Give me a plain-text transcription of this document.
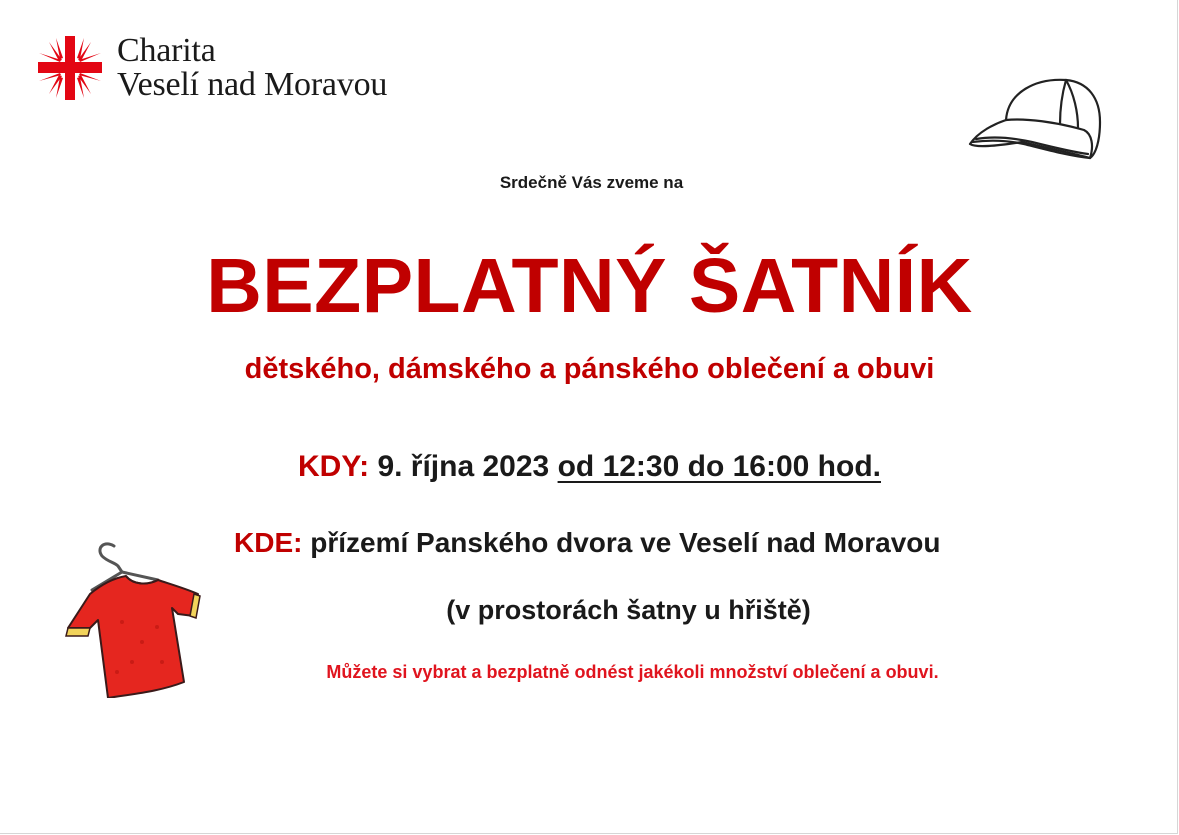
Charita
Veselí nad Moravou
Srdečně Vás zveme na
BEZPLATNÝ ŠATNÍK
dětského, dámského a pánského oblečení a obuvi
KDY: 9. října 2023 od 12:30 do 16:00 hod.
KDE: přízemí Panského dvora ve Veselí nad Moravou
(v prostorách šatny u hřiště)
Můžete si vybrat a bezplatně odnést jakékoli množství oblečení a obuvi.
